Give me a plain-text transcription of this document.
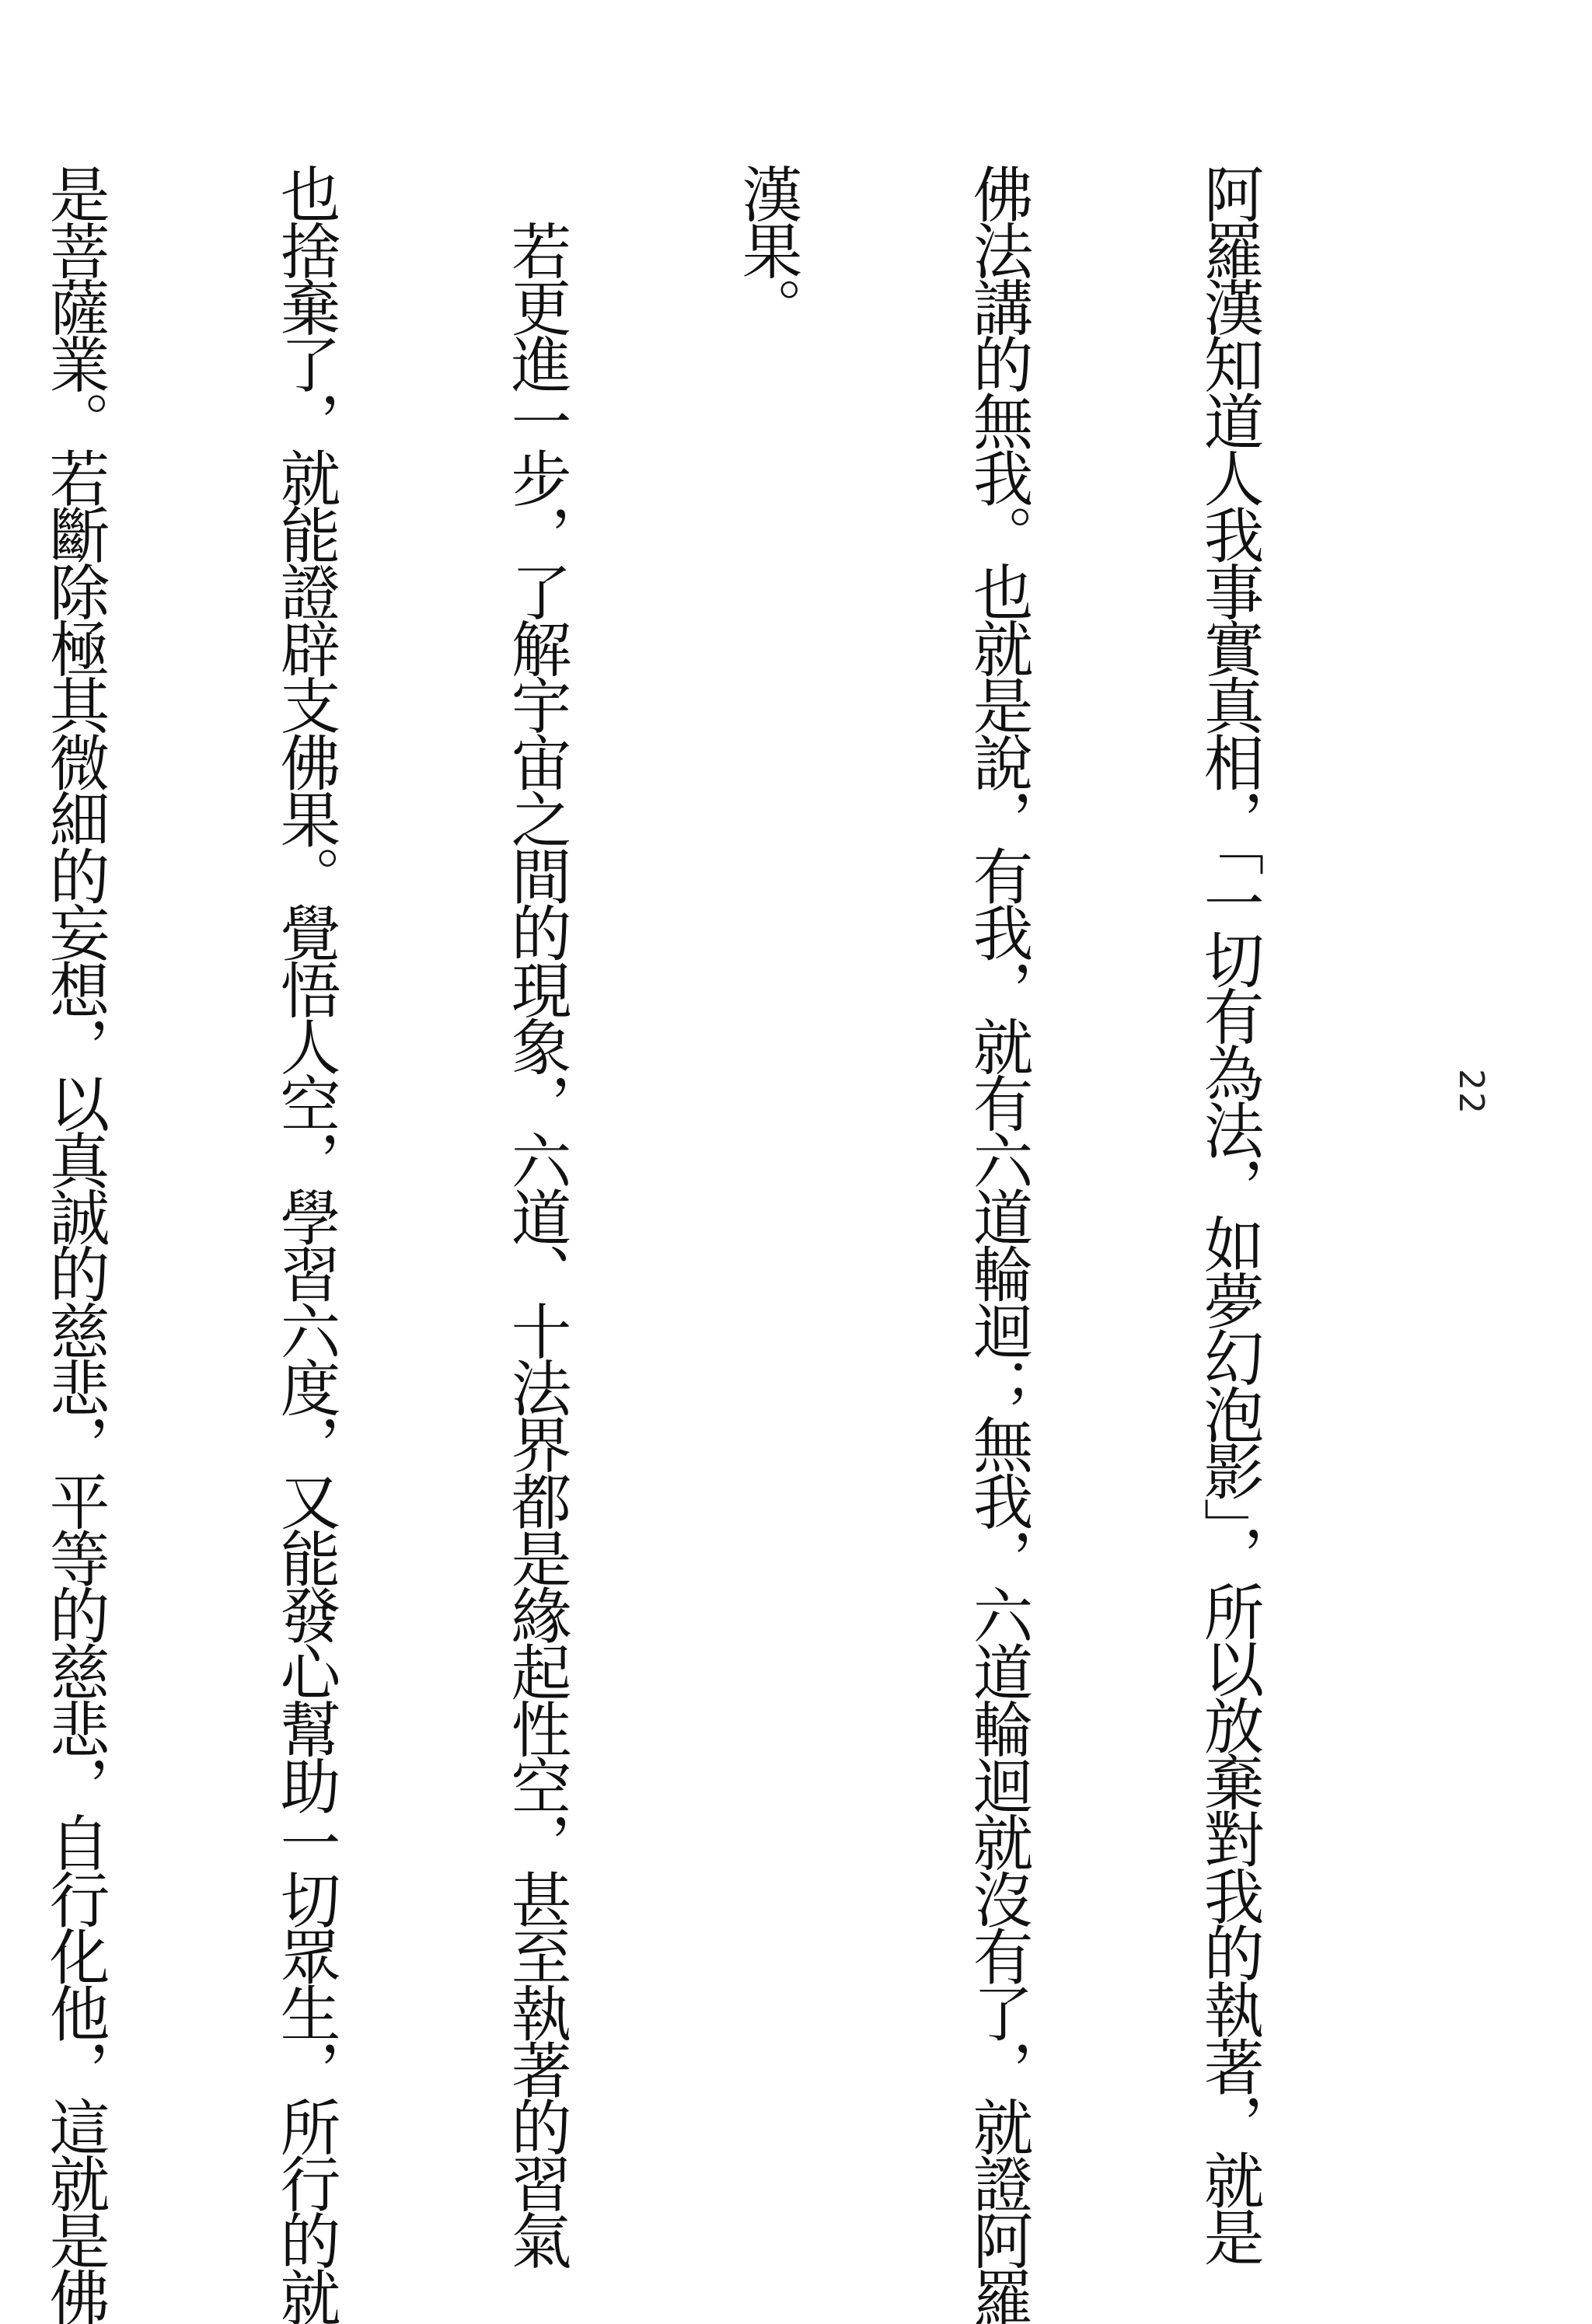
22

阿羅漢知道人我事實真相，「一切有為法，如夢幻泡影」，所以放棄對我的執著，就是

佛法講的無我。也就是說，有我，就有六道輪迴；無我，六道輪迴就沒有了，就證阿羅

漢果。

　若更進一步，了解宇宙之間的現象，六道、十法界都是緣起性空，甚至執著的習氣

也捨棄了，就能證辟支佛果。覺悟人空，學習六度，又能發心幫助一切眾生，所行的就

是菩薩業。若斷除極其微細的妄想，以真誠的慈悲，平等的慈悲，自行化他，這就是佛
